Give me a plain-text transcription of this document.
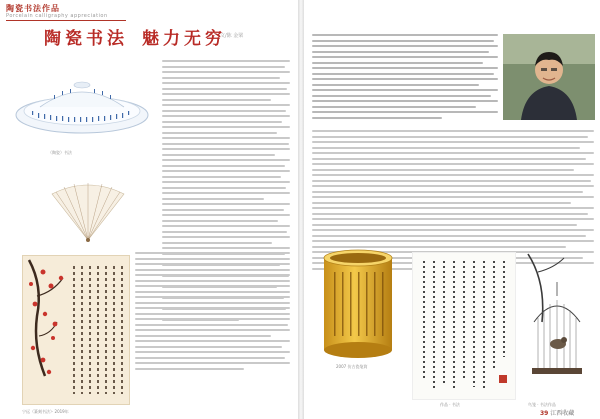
陶瓷书法作品
Porcelain calligraphy appreciation
陶瓷书法 魅力无穷
文/陈 金梁
（陶瓷）书法
宁远（篆刻书法）· 2019年
2007 仿古瓷笔筒
作品 · 书法	鸟笼 · 书法作品
39 江西收藏
